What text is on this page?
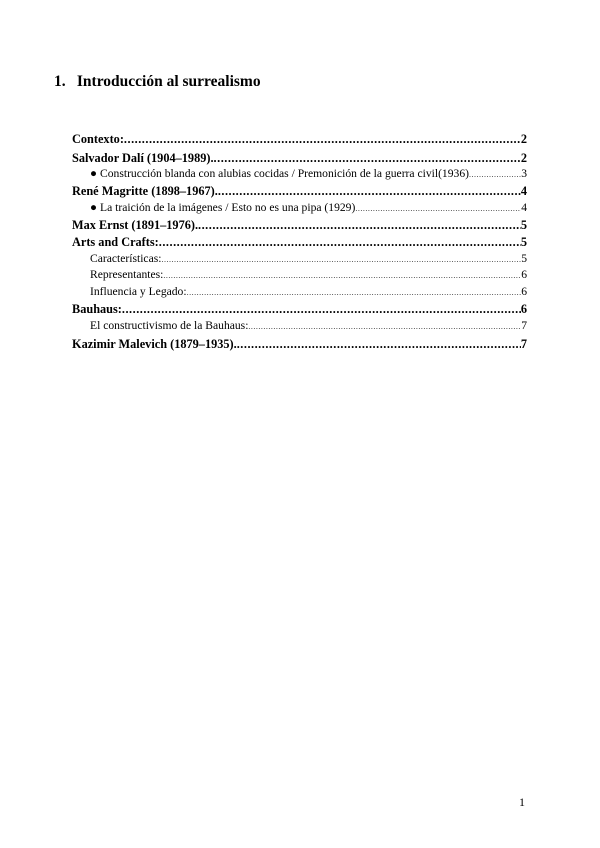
1. Introducción al surrealismo
Contexto: .....	2
Salvador Dalí (1904–1989). .....	2
● Construcción blanda con alubias cocidas / Premonición de la guerra civil(1936) .....	3
René Magritte (1898–1967). .....	4
● La traición de la imágenes / Esto no es una pipa (1929) .....	4
Max Ernst (1891–1976). .....	5
Arts and Crafts: .....	5
Características: .....	5
Representantes: .....	6
Influencia y Legado: .....	6
Bauhaus: .....	6
El constructivismo de la Bauhaus: .....	7
Kazimir Malevich (1879–1935). .....	7
1
